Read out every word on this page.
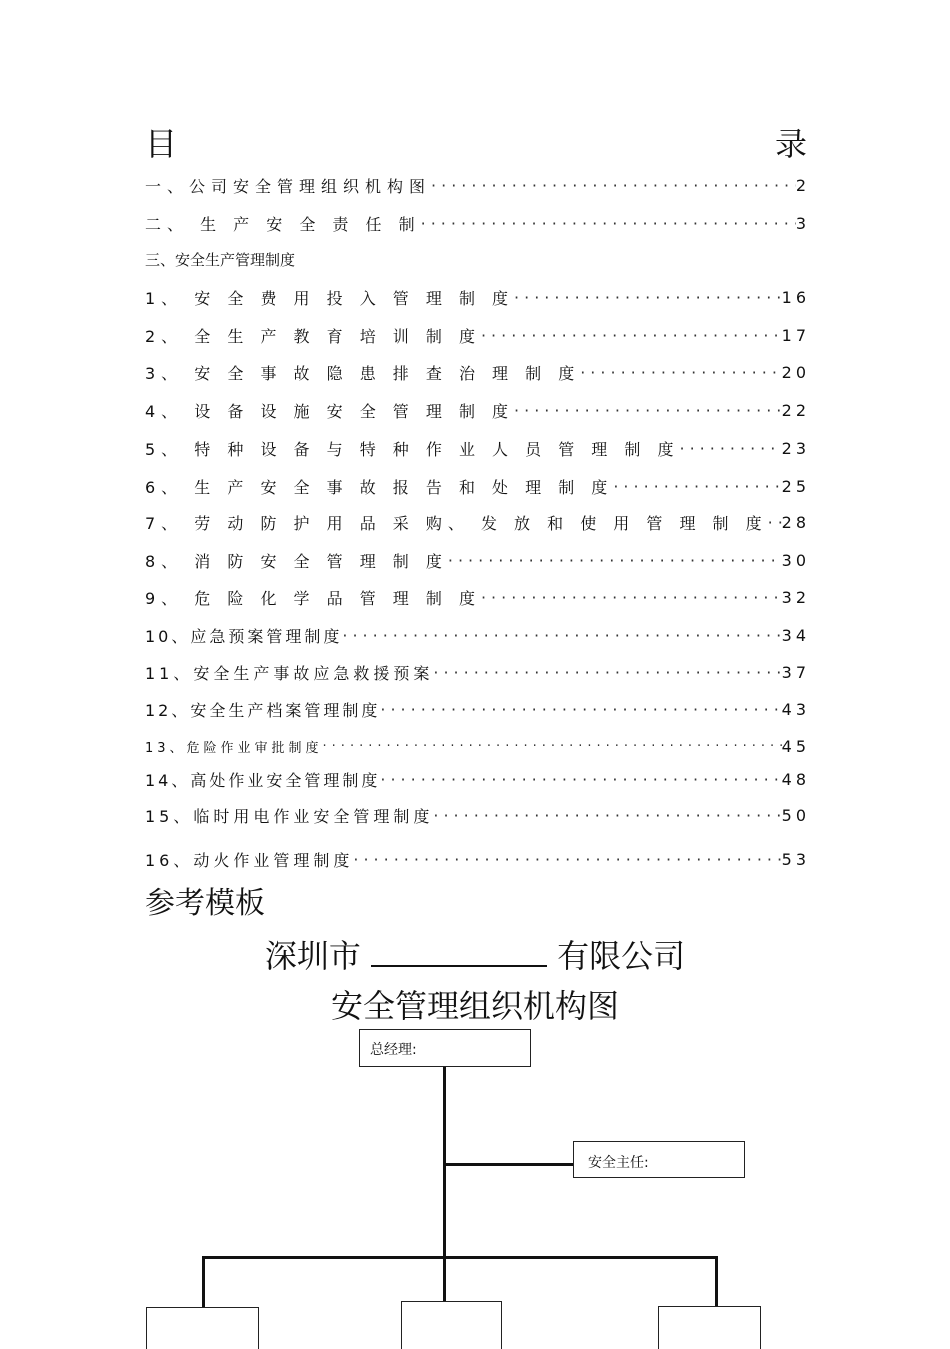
目	录
一、公司安全管理组织机构图 ·····	2
二、 生 产 安 全 责 任 制 ·····	3
三、安全生产管理制度
1、 安 全 费 用 投 入 管 理 制 度 ·····	16
2、 全 生 产 教 育 培 训 制 度 ·····	17
3、 安 全 事 故 隐 患 排 查 治 理 制 度 ·····	20
4、 设 备 设 施 安 全 管 理 制 度 ·····	22
5、 特 种 设 备 与 特 种 作 业 人 员 管 理 制 度 ·····	23
6、 生 产 安 全 事 故 报 告 和 处 理 制 度 ·····	25
7、 劳 动 防 护 用 品 采 购、 发 放 和 使 用 管 理 制 度 ····· 28
8、 消 防 安 全 管 理 制 度 ·····	30
9、 危 险 化 学 品 管 理 制 度 ·····	32
10、应急预案管理制度 ·····	34
11、安全生产事故应急救援预案 ·····	37
12、安全生产档案管理制度 ·····	43
13、危险作业审批制度 ·····	45
14、高处作业安全管理制度 ·····	48
15、临时用电作业安全管理制度 ·····	50
16、动火作业管理制度 ·····	53
参考模板
深圳市	有限公司
安全管理组织机构图
总经理:
安全主任:
